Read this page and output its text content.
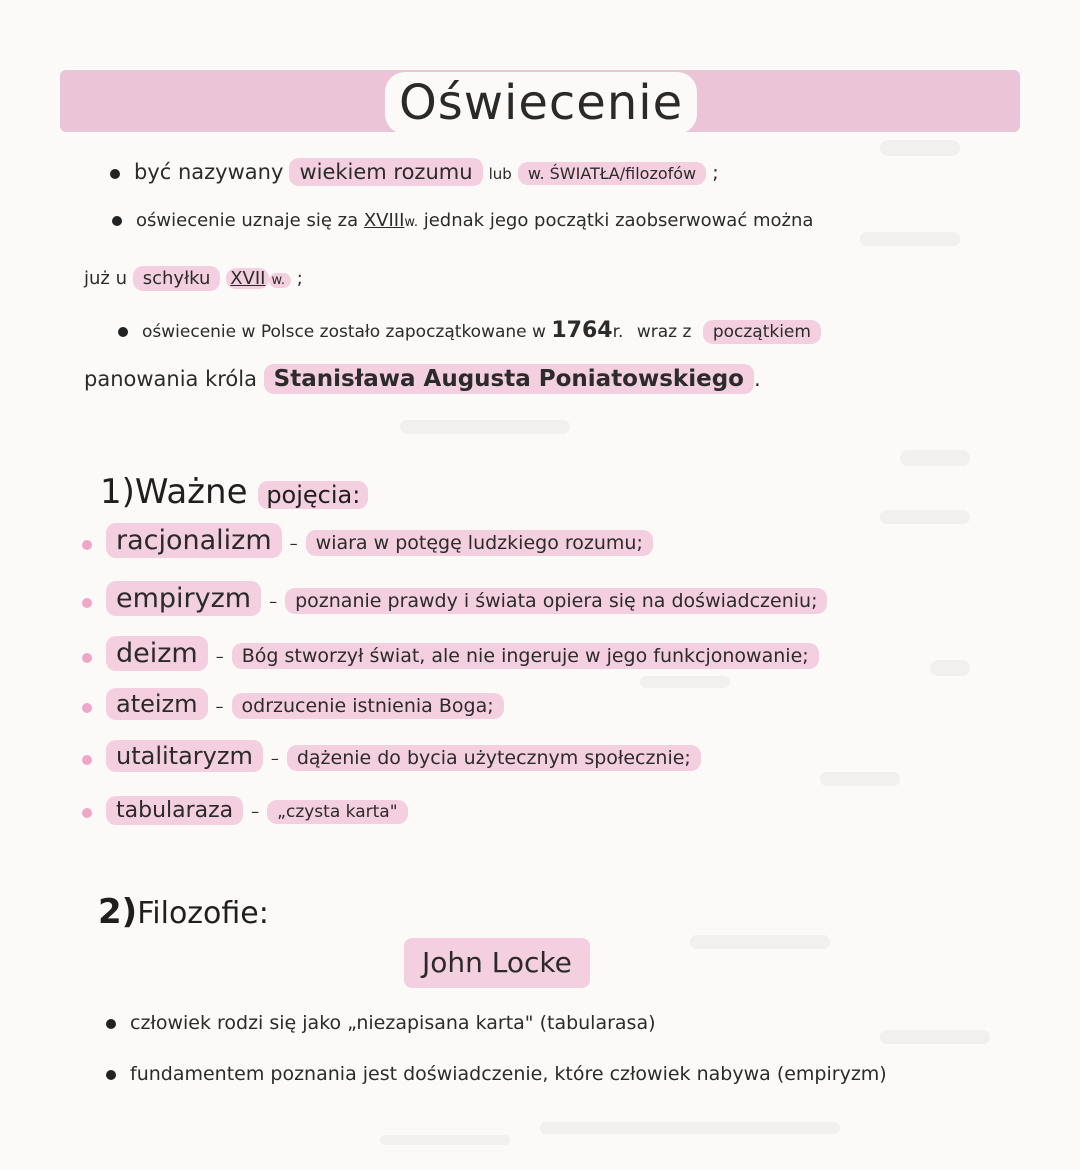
Oświecenie
być nazywany wiekiem rozumu lub w. ŚWIATŁA/filozofów ;
oświecenie uznaje się za XVIIIw. jednak jego początki zaobserwować można
już u schyłku XVII w. ;
oświecenie w Polsce zostało zapoczątkowane w 1764r. wraz z początkiem
panowania króla Stanisława Augusta Poniatowskiego .
1)Ważne pojęcia:
racjonalizm – wiara w potęgę ludzkiego rozumu;
empiryzm – poznanie prawdy i świata opiera się na doświadczeniu;
deizm – Bóg stworzył świat, ale nie ingeruje w jego funkcjonowanie;
ateizm – odrzucenie istnienia Boga;
utalitaryzm – dążenie do bycia użytecznym społecznie;
tabularaza – „czysta karta"
2)Filozofie:
John Locke
człowiek rodzi się jako „niezapisana karta" (tabularasa)
fundamentem poznania jest doświadczenie, które człowiek nabywa (empiryzm)
